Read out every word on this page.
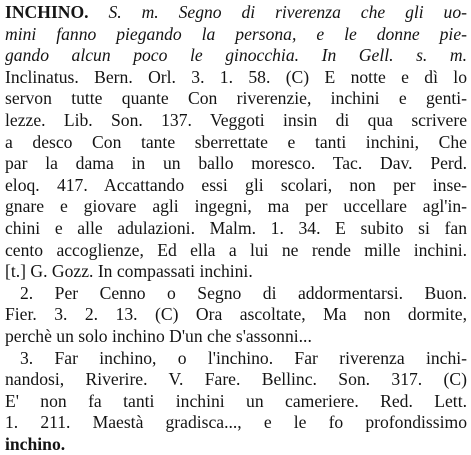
INCHINO. S. m. Segno di riverenza che gli uo-
mini fanno piegando la persona, e le donne pie-
gando alcun poco le ginocchia. In Gell. s. m.
Inclinatus. Bern. Orl. 3. 1. 58. (C) E notte e dì lo
servon tutte quante Con riverenzie, inchini e genti-
lezze. Lib. Son. 137. Veggoti insin di qua scrivere
a desco Con tante sberrettate e tanti inchini, Che
par la dama in un ballo moresco. Tac. Dav. Perd.
eloq. 417. Accattando essi gli scolari, non per inse-
gnare e giovare agli ingegni, ma per uccellare agl'in-
chini e alle adulazioni. Malm. 1. 34. E subito si fan
cento accoglienze, Ed ella a lui ne rende mille inchini.
[t.] G. Gozz. In compassati inchini.
2. Per Cenno o Segno di addormentarsi. Buon.
Fier. 3. 2. 13. (C) Ora ascoltate, Ma non dormite,
perchè un solo inchino D'un che s'assonni...
3. Far inchino, o l'inchino. Far riverenza inchi-
nandosi, Riverire. V. Fare. Bellinc. Son. 317. (C)
E' non fa tanti inchini un cameriere. Red. Lett.
1. 211. Maestà gradisca..., e le fo profondissimo
inchino.
